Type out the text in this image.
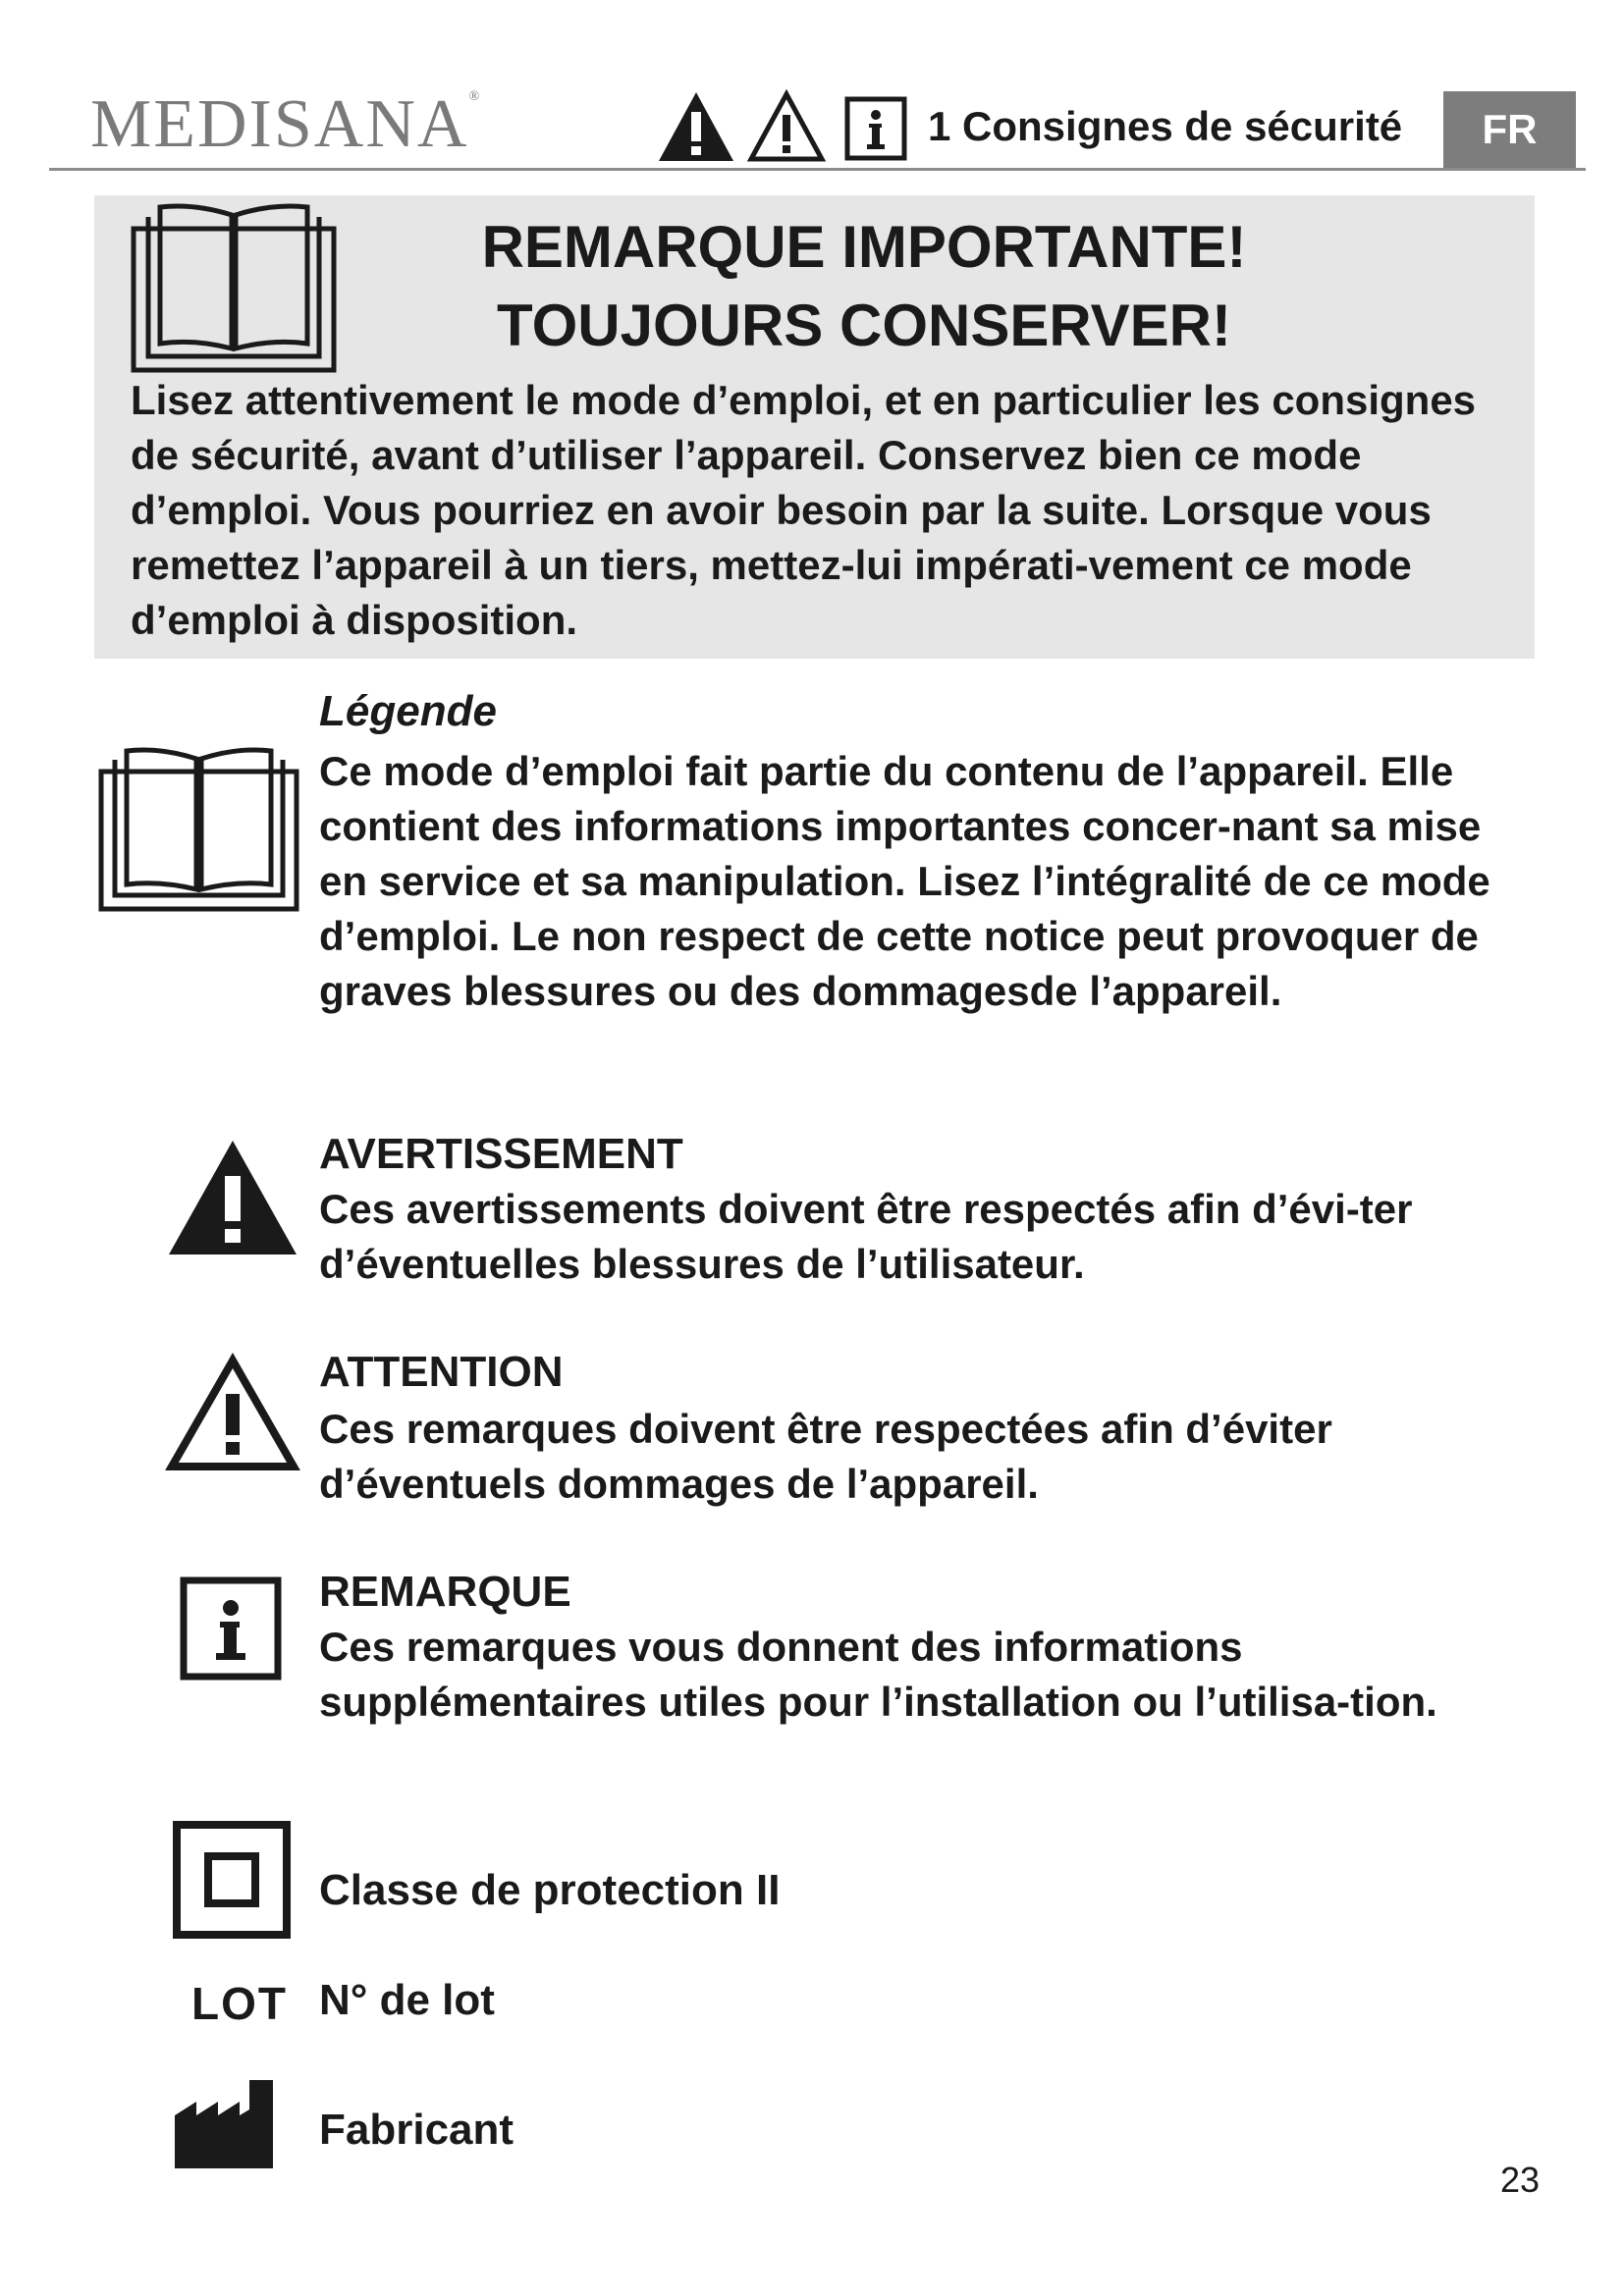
MEDISANA®
1 Consignes de sécurité FR
REMARQUE IMPORTANTE!
TOUJOURS CONSERVER!
Lisez attentivement le mode d’emploi, et en particulier les consignes de sécurité, avant d’utiliser l’appareil. Conservez bien ce mode d’emploi. Vous pourriez en avoir besoin par la suite. Lorsque vous remettez l’appareil à un tiers, mettez-lui impérati-vement ce mode d’emploi à disposition.
Légende
Ce mode d’emploi fait partie du contenu de l’appareil. Elle contient des informations importantes concer-nant sa mise en service et sa manipulation. Lisez l’intégralité de ce mode d’emploi. Le non respect de cette notice peut provoquer de graves blessures ou des dommagesde l’appareil.
AVERTISSEMENT
Ces avertissements doivent être respectés afin d’évi-ter d’éventuelles blessures de l’utilisateur.
ATTENTION
Ces remarques doivent être respectées afin d’éviter d’éventuels dommages de l’appareil.
REMARQUE
Ces remarques vous donnent des informations supplémentaires utiles pour l’installation ou l’utilisa-tion.
Classe de protection II
LOT N° de lot
Fabricant
23
